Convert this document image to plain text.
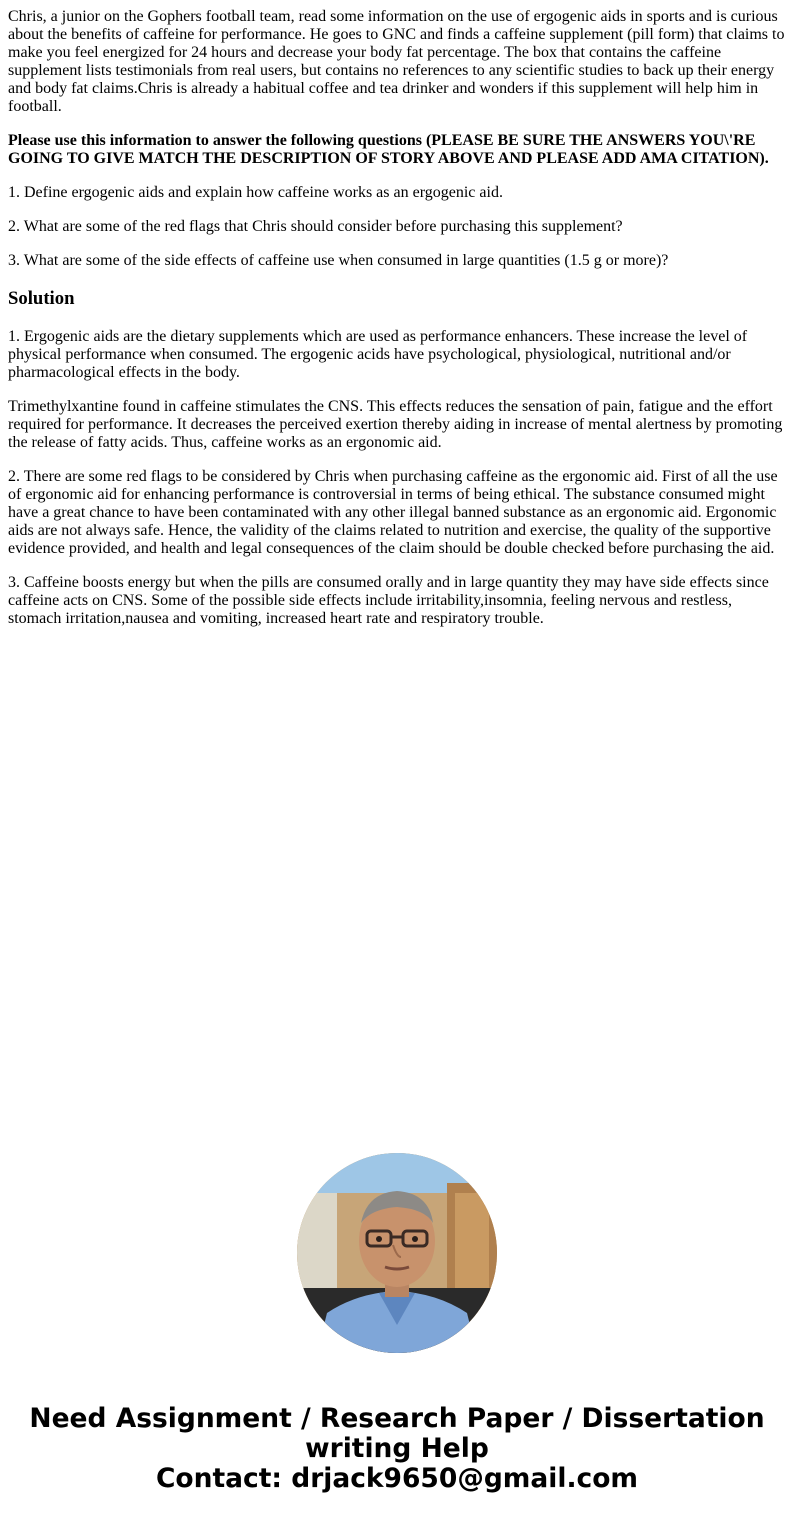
Chris, a junior on the Gophers football team, read some information on the use of ergogenic aids in sports and is curious about the benefits of caffeine for performance. He goes to GNC and finds a caffeine supplement (pill form) that claims to make you feel energized for 24 hours and decrease your body fat percentage. The box that contains the caffeine supplement lists testimonials from real users, but contains no references to any scientific studies to back up their energy and body fat claims.Chris is already a habitual coffee and tea drinker and wonders if this supplement will help him in football.

Please use this information to answer the following questions (PLEASE BE SURE THE ANSWERS YOU\'RE GOING TO GIVE MATCH THE DESCRIPTION OF STORY ABOVE AND PLEASE ADD AMA CITATION).

1. Define ergogenic aids and explain how caffeine works as an ergogenic aid.

2. What are some of the red flags that Chris should consider before purchasing this supplement?

3. What are some of the side effects of caffeine use when consumed in large quantities (1.5 g or more)?

Solution

1. Ergogenic aids are the dietary supplements which are used as performance enhancers. These increase the level of physical performance when consumed. The ergogenic acids have psychological, physiological, nutritional and/or pharmacological effects in the body.

Trimethylxantine found in caffeine stimulates the CNS. This effects reduces the sensation of pain, fatigue and the effort required for performance. It decreases the perceived exertion thereby aiding in increase of mental alertness by promoting the release of fatty acids. Thus, caffeine works as an ergonomic aid.

2. There are some red flags to be considered by Chris when purchasing caffeine as the ergonomic aid. First of all the use of ergonomic aid for enhancing performance is controversial in terms of being ethical. The substance consumed might have a great chance to have been contaminated with any other illegal banned substance as an ergonomic aid. Ergonomic aids are not always safe. Hence, the validity of the claims related to nutrition and exercise, the quality of the supportive evidence provided, and health and legal consequences of the claim should be double checked before purchasing the aid.

3. Caffeine boosts energy but when the pills are consumed orally and in large quantity they may have side effects since caffeine acts on CNS. Some of the possible side effects include irritability,insomnia, feeling nervous and restless, stomach irritation,nausea and vomiting, increased heart rate and respiratory trouble.

Need Assignment / Research Paper / Dissertation
writing Help
Contact: drjack9650@gmail.com
